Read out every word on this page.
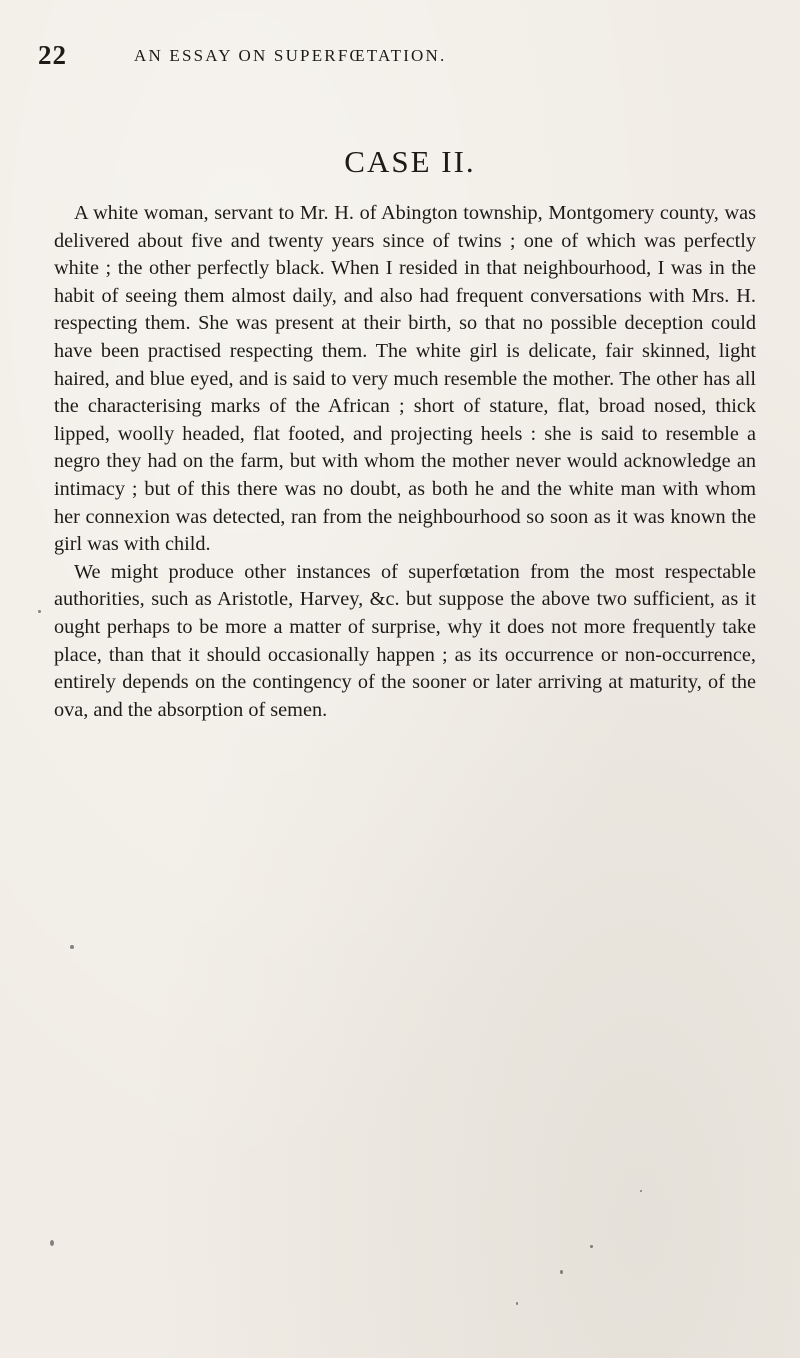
22	AN ESSAY ON SUPERFŒTATION.
CASE II.

A white woman, servant to Mr. H. of Abington township, Montgomery county, was delivered about five and twenty years since of twins ; one of which was perfectly white ; the other perfectly black. When I resided in that neighbourhood, I was in the habit of seeing them almost daily, and also had frequent conversations with Mrs. H. respecting them. She was present at their birth, so that no possible deception could have been practised respecting them. The white girl is delicate, fair skinned, light haired, and blue eyed, and is said to very much resemble the mother. The other has all the characterising marks of the African ; short of stature, flat, broad nosed, thick lipped, woolly headed, flat footed, and projecting heels : she is said to resemble a negro they had on the farm, but with whom the mother never would acknowledge an intimacy ; but of this there was no doubt, as both he and the white man with whom her connexion was detected, ran from the neighbourhood so soon as it was known the girl was with child.

We might produce other instances of superfœtation from the most respectable authorities, such as Aristotle, Harvey, &c. but suppose the above two sufficient, as it ought perhaps to be more a matter of surprise, why it does not more frequently take place, than that it should occasionally happen ; as its occurrence or non-occurrence, entirely depends on the contingency of the sooner or later arriving at maturity, of the ova, and the absorption of semen.
